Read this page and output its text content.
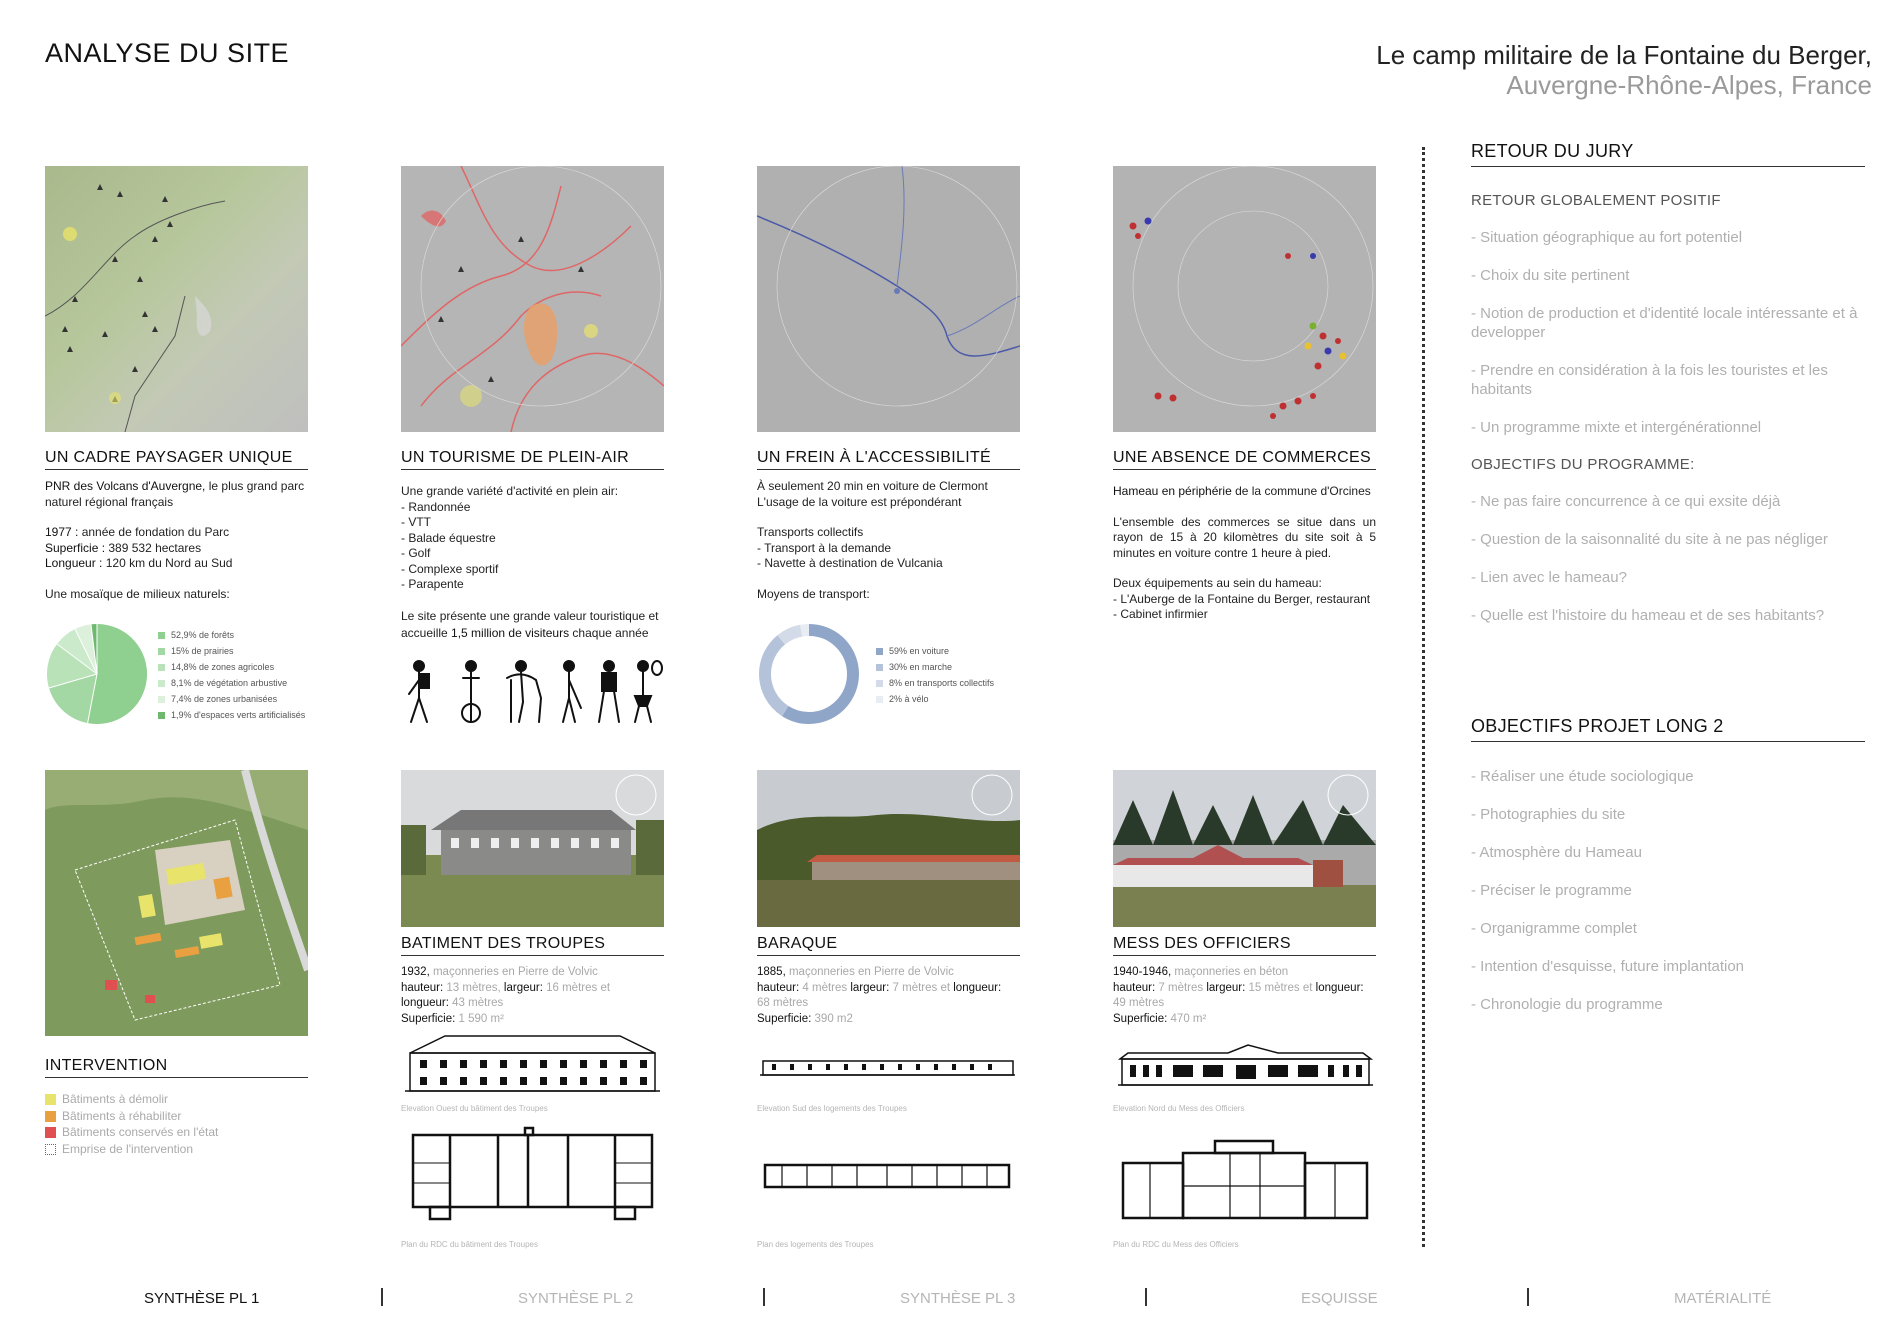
ANALYSE DU SITE	Le camp militaire de la Fontaine du Berger,
Auvergne-Rhône-Alpes, France
UN CADRE PAYSAGER UNIQUE
PNR des Volcans d'Auvergne, le plus grand parc naturel régional français
1977 : année de fondation du Parc
Superficie : 389 532 hectares
Longueur : 120 km du Nord au Sud
Une mosaïque de milieux naturels:
52,9% de forêts
15% de prairies
14,8% de zones agricoles
8,1% de végétation arbustive
7,4% de zones urbanisées
1,9% d'espaces verts artificialisés
UN TOURISME DE PLEIN-AIR
Une grande variété d'activité en plein air:
- Randonnée
- VTT
- Balade équestre
- Golf
- Complexe sportif
- Parapente
Le site présente une grande valeur touristique et accueille 1,5 million de visiteurs chaque année
UN FREIN À L'ACCESSIBILITÉ
À seulement 20 min en voiture de Clermont
L'usage de la voiture est prépondérant
Transports collectifs
- Transport à la demande
- Navette à destination de Vulcania
Moyens de transport:
59% en voiture
30% en marche
8% en transports collectifs
2% à vélo
UNE ABSENCE DE COMMERCES
Hameau en périphérie de la commune d'Orcines
L'ensemble des commerces se situe dans un rayon de 15 à 20 kilomètres du site soit à 5 minutes en voiture contre 1 heure à pied.
Deux équipements au sein du hameau:
- L'Auberge de la Fontaine du Berger, restaurant
- Cabinet infirmier
INTERVENTION
Bâtiments à démolir
Bâtiments à réhabiliter
Bâtiments conservés en l'état
Emprise de l'intervention
BATIMENT DES TROUPES
1932, maçonneries en Pierre de Volvic
hauteur: 13 mètres, largeur: 16 mètres et
longueur: 43 mètres
Superficie: 1 590 m²
BARAQUE
1885, maçonneries en Pierre de Volvic
hauteur: 4 mètres largeur: 7 mètres et longueur:
68 mètres
Superficie: 390 m2
MESS DES OFFICIERS
1940-1946, maçonneries en béton
hauteur: 7 mètres largeur: 15 mètres et longueur:
49 mètres
Superficie: 470 m²
Elevation Ouest du bâtiment des Troupes	Elevation Sud des logements des Troupes	Elevation Nord du Mess des Officiers
Plan du RDC du bâtiment des Troupes	Plan des logements des Troupes	Plan du RDC du Mess des Officiers
RETOUR DU JURY
RETOUR GLOBALEMENT POSITIF
- Situation géographique au fort potentiel
- Choix du site pertinent
- Notion de production et d'identité locale intéressante et à developper
- Prendre en considération à la fois les touristes et les habitants
- Un programme mixte et intergénérationnel
OBJECTIFS DU PROGRAMME:
- Ne pas faire concurrence à ce qui exsite déjà
- Question de la saisonnalité du site à ne pas négliger
- Lien avec le hameau?
- Quelle est l'histoire du hameau et de ses habitants?
OBJECTIFS PROJET LONG 2
- Réaliser une étude sociologique
- Photographies du site
- Atmosphère du Hameau
- Préciser le programme
- Organigramme complet
- Intention d'esquisse, future implantation
- Chronologie du programme
SYNTHÈSE PL 1	SYNTHÈSE PL 2	SYNTHÈSE PL 3	ESQUISSE	MATÉRIALITÉ
